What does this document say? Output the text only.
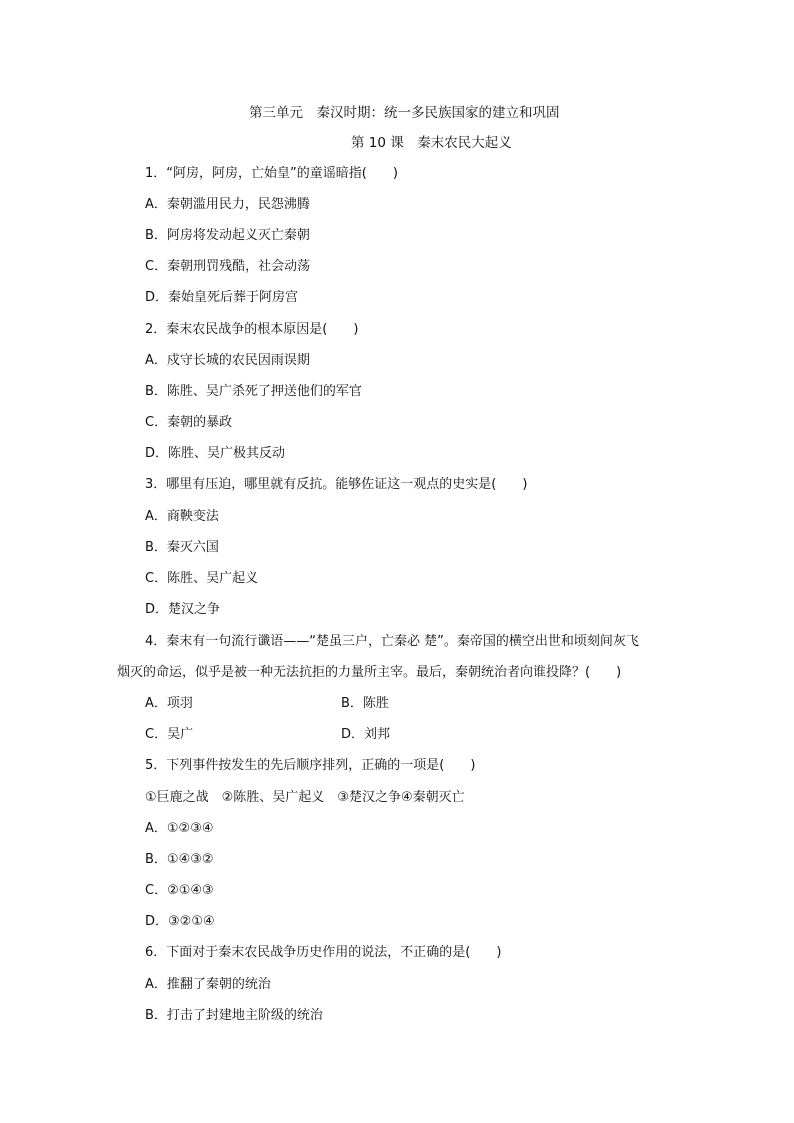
第三单元　秦汉时期：统一多民族国家的建立和巩固
第 10 课　秦末农民大起义
1．“阿房，阿房，亡始皇”的童谣暗指(　　)
A．秦朝滥用民力，民怨沸腾
B．阿房将发动起义灭亡秦朝
C．秦朝刑罚残酷，社会动荡
D．秦始皇死后葬于阿房宫
2．秦末农民战争的根本原因是(　　)
A．戍守长城的农民因雨误期
B．陈胜、吴广杀死了押送他们的军官
C．秦朝的暴政
D．陈胜、吴广极其反动
3．哪里有压迫，哪里就有反抗。能够佐证这一观点的史实是(　　)
A．商鞅变法
B．秦灭六国
C．陈胜、吴广起义
D．楚汉之争
4．秦末有一句流行谶语——“楚虽三户，亡秦必 楚”。秦帝国的横空出世和顷刻间灰飞
烟灭的命运，似乎是被一种无法抗拒的力量所主宰。最后，秦朝统治者向谁投降？(　　)
A．项羽	B．陈胜
C．吴广	D．刘邦
5．下列事件按发生的先后顺序排列，正确的一项是(　　)
①巨鹿之战　②陈胜、吴广起义　③楚汉之争④秦朝灭亡
A．①②③④
B．①④③②
C．②①④③
D．③②①④
6．下面对于秦末农民战争历史作用的说法，不正确的是(　　)
A．推翻了秦朝的统治
B．打击了封建地主阶级的统治
